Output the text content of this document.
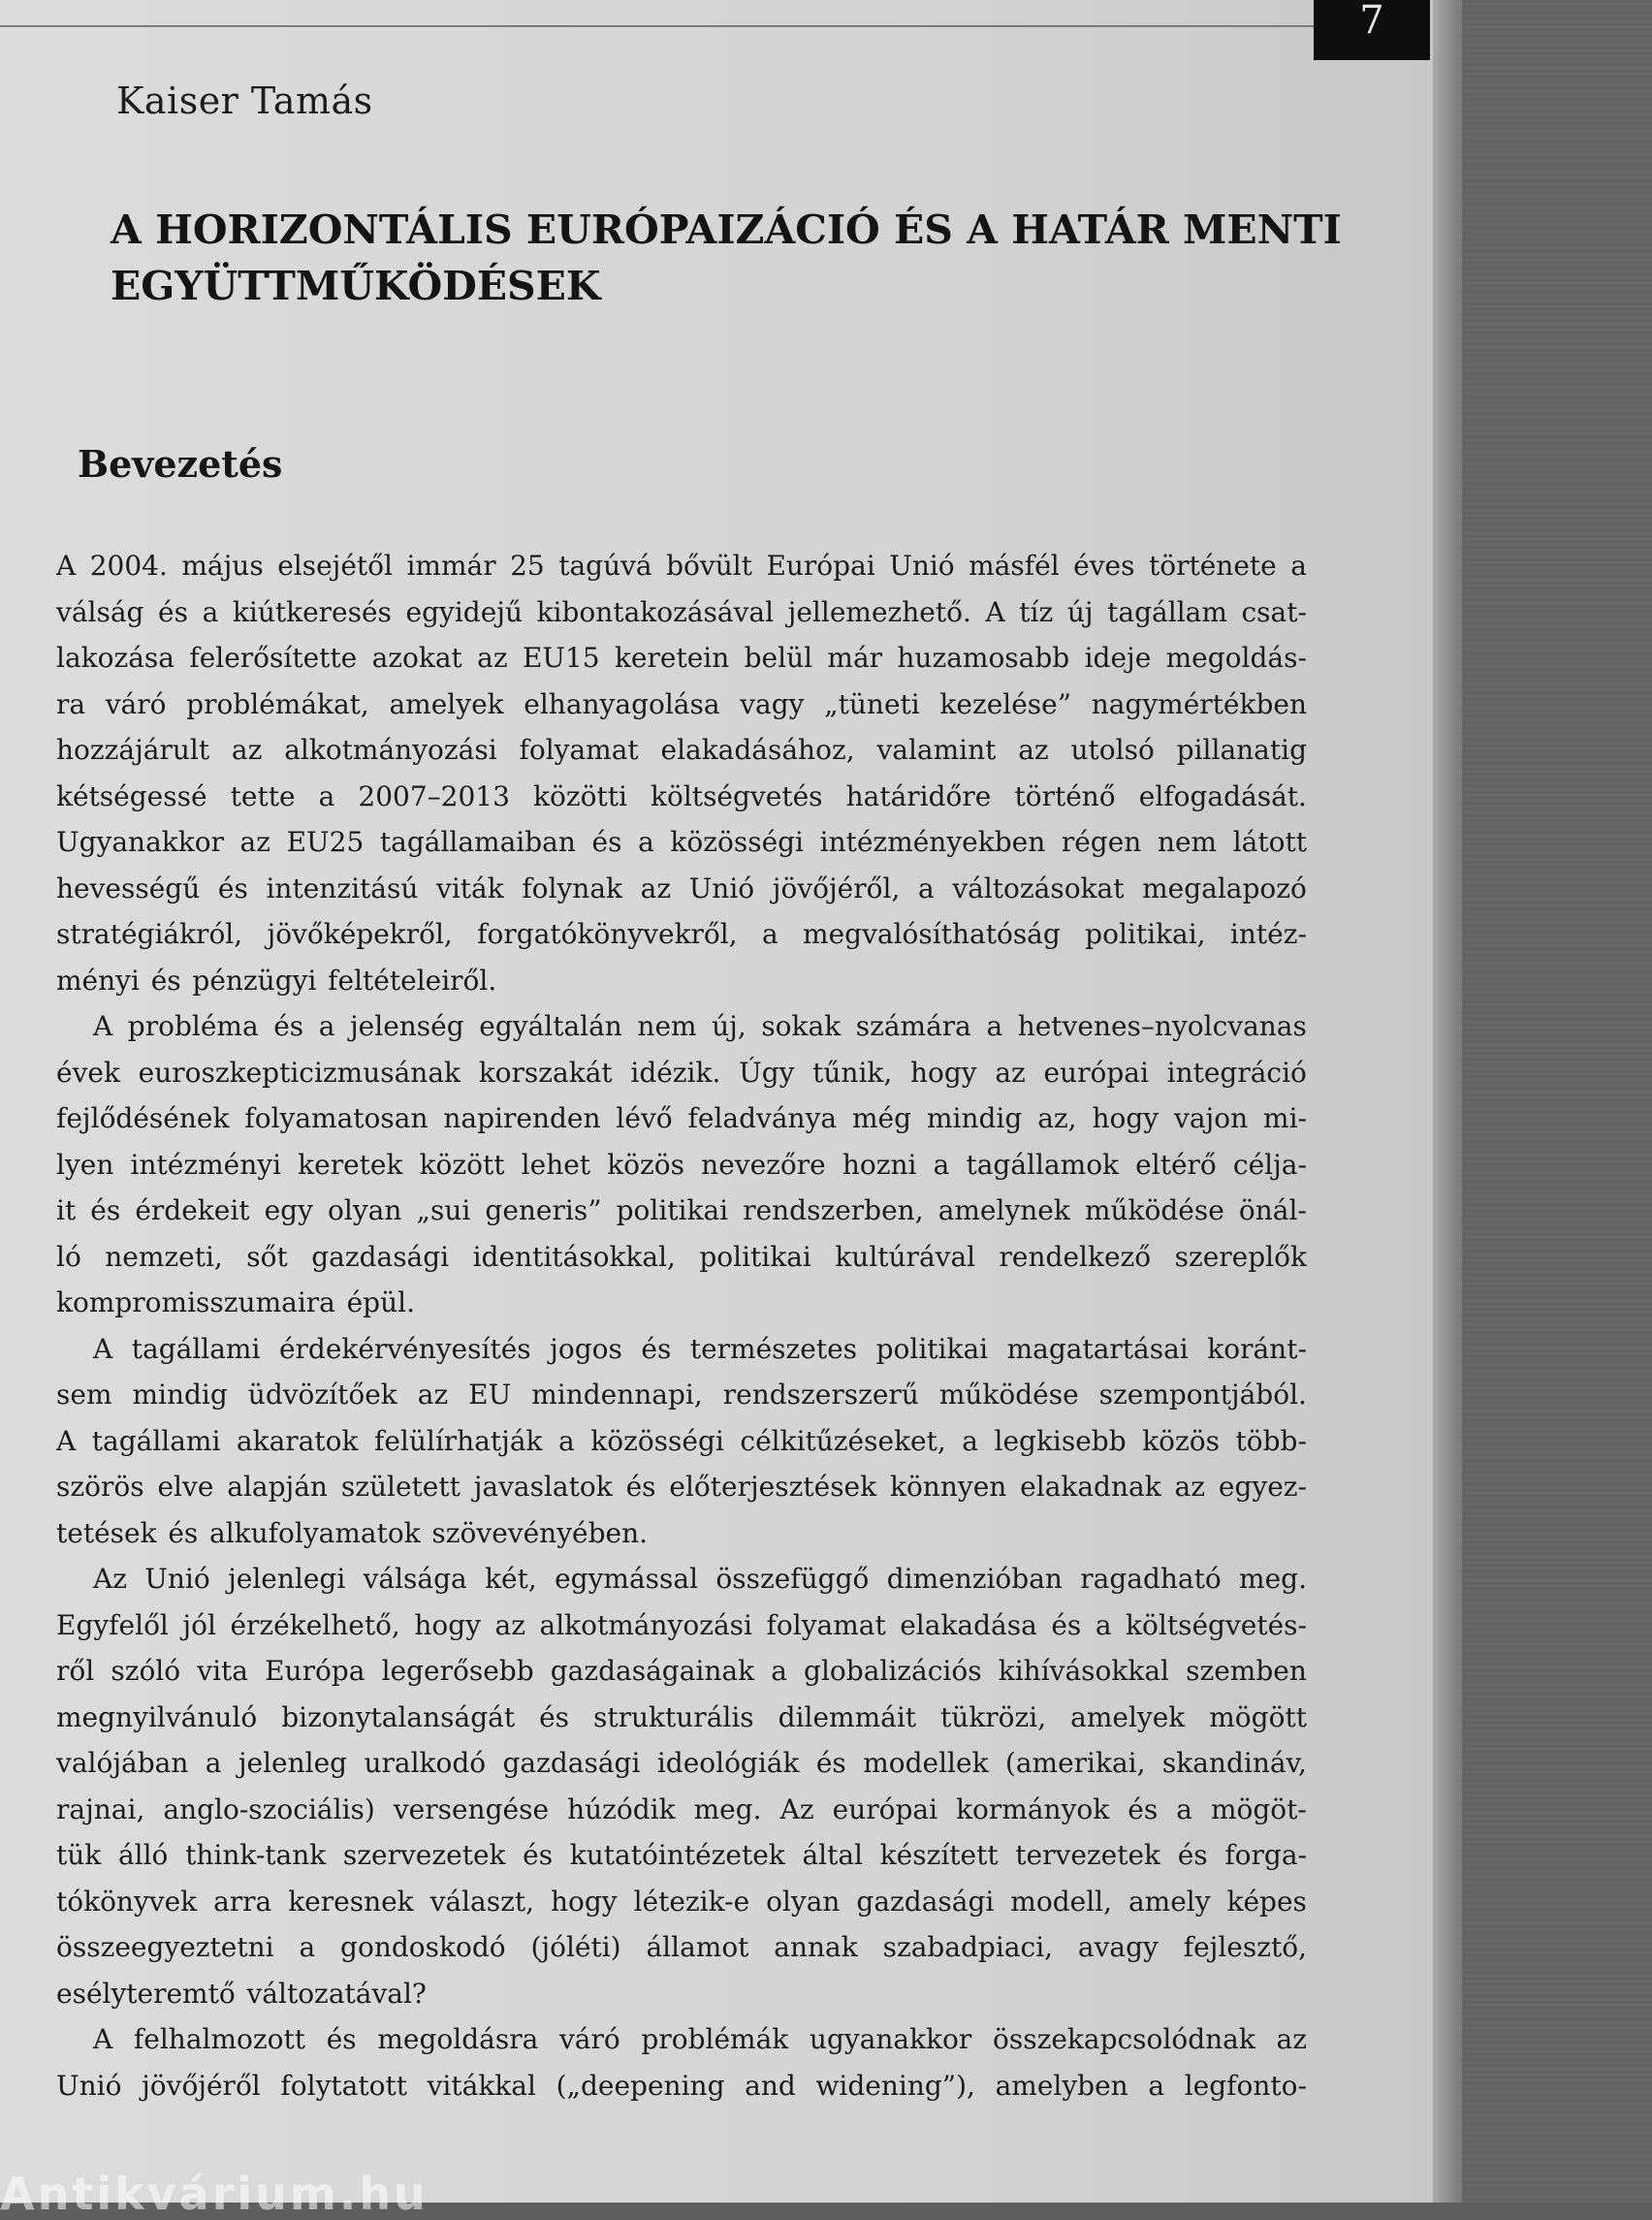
7
Kaiser Tamás
A HORIZONTÁLIS EURÓPAIZÁCIÓ ÉS A HATÁR MENTI
EGYÜTTMŰKÖDÉSEK
Bevezetés
A 2004. május elsejétől immár 25 tagúvá bővült Európai Unió másfél éves története a
válság és a kiútkeresés egyidejű kibontakozásával jellemezhető. A tíz új tagállam csat-
lakozása felerősítette azokat az EU15 keretein belül már huzamosabb ideje megoldás-
ra váró problémákat, amelyek elhanyagolása vagy „tüneti kezelése” nagymértékben
hozzájárult az alkotmányozási folyamat elakadásához, valamint az utolsó pillanatig
kétségessé tette a 2007–2013 közötti költségvetés határidőre történő elfogadását.
Ugyanakkor az EU25 tagállamaiban és a közösségi intézményekben régen nem látott
hevességű és intenzitású viták folynak az Unió jövőjéről, a változásokat megalapozó
stratégiákról, jövőképekről, forgatókönyvekről, a megvalósíthatóság politikai, intéz-
ményi és pénzügyi feltételeiről.
A probléma és a jelenség egyáltalán nem új, sokak számára a hetvenes–nyolcvanas
évek euroszkepticizmusának korszakát idézik. Úgy tűnik, hogy az európai integráció
fejlődésének folyamatosan napirenden lévő feladványa még mindig az, hogy vajon mi-
lyen intézményi keretek között lehet közös nevezőre hozni a tagállamok eltérő célja-
it és érdekeit egy olyan „sui generis” politikai rendszerben, amelynek működése önál-
ló nemzeti, sőt gazdasági identitásokkal, politikai kultúrával rendelkező szereplők
kompromisszumaira épül.
A tagállami érdekérvényesítés jogos és természetes politikai magatartásai koránt-
sem mindig üdvözítőek az EU mindennapi, rendszerszerű működése szempontjából.
A tagállami akaratok felülírhatják a közösségi célkitűzéseket, a legkisebb közös több-
szörös elve alapján született javaslatok és előterjesztések könnyen elakadnak az egyez-
tetések és alkufolyamatok szövevényében.
Az Unió jelenlegi válsága két, egymással összefüggő dimenzióban ragadható meg.
Egyfelől jól érzékelhető, hogy az alkotmányozási folyamat elakadása és a költségvetés-
ről szóló vita Európa legerősebb gazdaságainak a globalizációs kihívásokkal szemben
megnyilvánuló bizonytalanságát és strukturális dilemmáit tükrözi, amelyek mögött
valójában a jelenleg uralkodó gazdasági ideológiák és modellek (amerikai, skandináv,
rajnai, anglo-szociális) versengése húzódik meg. Az európai kormányok és a mögöt-
tük álló think-tank szervezetek és kutatóintézetek által készített tervezetek és forga-
tókönyvek arra keresnek választ, hogy létezik-e olyan gazdasági modell, amely képes
összeegyeztetni a gondoskodó (jóléti) államot annak szabadpiaci, avagy fejlesztő,
esélyteremtő változatával?
A felhalmozott és megoldásra váró problémák ugyanakkor összekapcsolódnak az
Unió jövőjéről folytatott vitákkal („deepening and widening”), amelyben a legfonto-
Antikvárium.hu
